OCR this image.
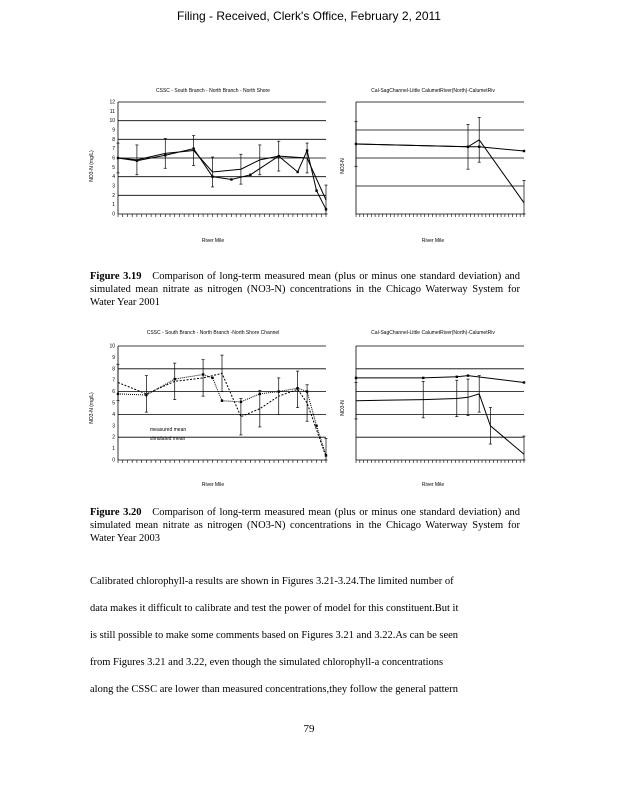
Filing - Received, Clerk's Office, February 2, 2011
CSSC - South Branch - North Branch - North Shore
NO3-N (mg/L)
River Mile
0
1
2
3
4
5
6
7
8
9
10
11
12
Cal-SagChannel-Little CalumetRiver(North)-CalumetRiv
NO3-N
River Mile
Figure 3.19 Comparison of long-term measured mean (plus or minus one standard deviation) and simulated mean nitrate as nitrogen (NO3-N) concentrations in the Chicago Waterway System for Water Year 2001
CSSC - South Branch - North Branch -North Shore Channel
NO3-N (mg/L)
River Mile
0
1
2
3
4
5
6
7
8
9
10
measured mean
simulated mean
Cal-SagChannel-Little CalumetRiver(North)-CalumetRiv
NO3-N
River Mile
Figure 3.20 Comparison of long-term measured mean (plus or minus one standard deviation) and simulated mean nitrate as nitrogen (NO3-N) concentrations in the Chicago Waterway System for Water Year 2003
Calibrated chlorophyll-a results are shown in Figures 3.21-3.24.The limited number of
data makes it difficult to calibrate and test the power of model for this constituent.But it
is still possible to make some comments based on Figures 3.21 and 3.22.As can be seen
from Figures 3.21 and 3.22, even though the simulated chlorophyll-a concentrations
along the CSSC are lower than measured concentrations,they follow the general pattern
79
